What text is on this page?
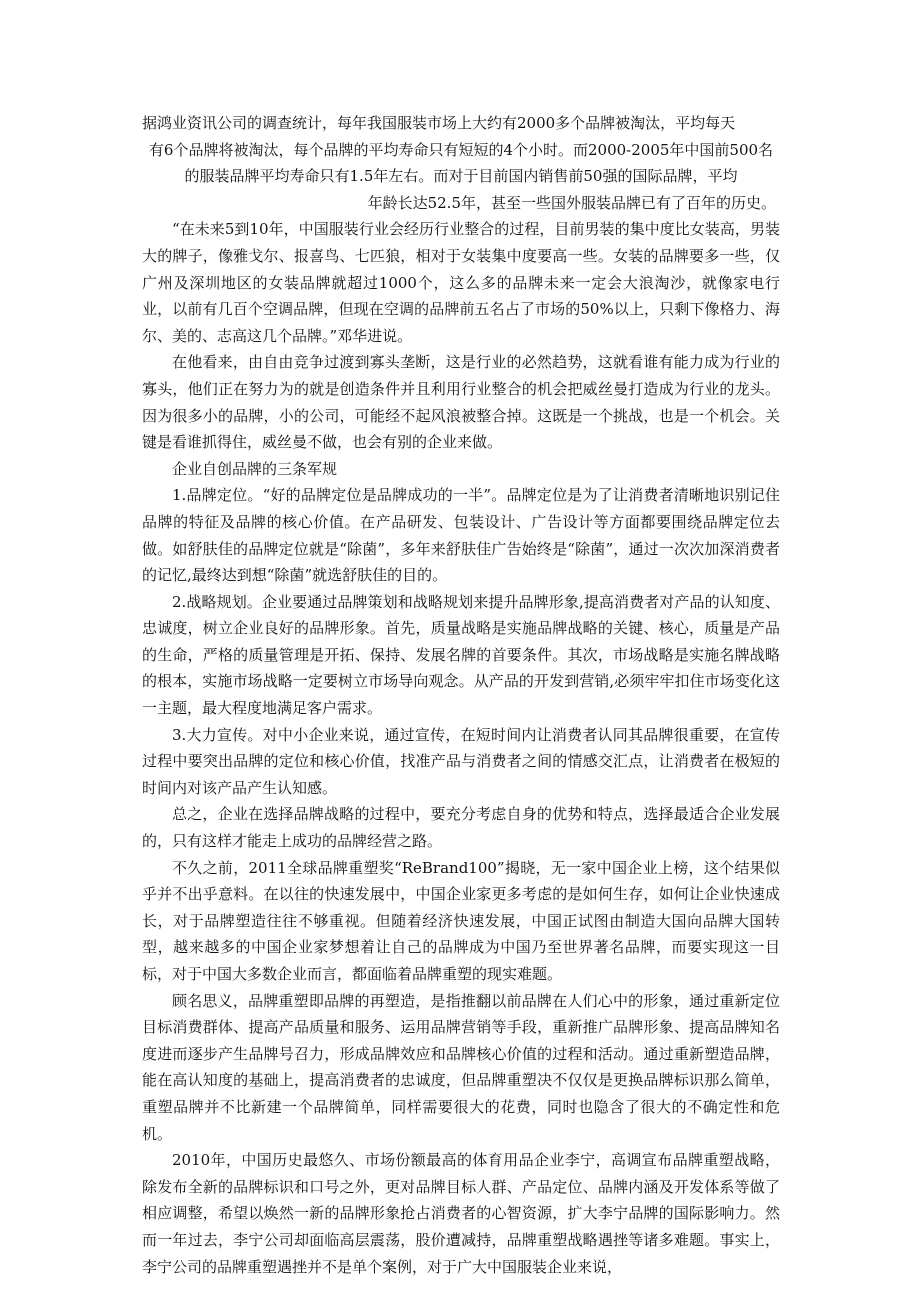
据鸿业资讯公司的调查统计，每年我国服装市场上大约有2000多个品牌被淘汰，平均每天

有6个品牌将被淘汰，每个品牌的平均寿命只有短短的4个小时。而2000-2005年中国前500名的服装品牌平均寿命只有1.5年左右。而对于目前国内销售前50强的国际品牌，平均

年龄长达52.5年，甚至一些国外服装品牌已有了百年的历史。

“在未来5到10年，中国服装行业会经历行业整合的过程，目前男装的集中度比女装高，男装大的牌子，像雅戈尔、报喜鸟、七匹狼，相对于女装集中度要高一些。女装的品牌要多一些，仅广州及深圳地区的女装品牌就超过1000个，这么多的品牌未来一定会大浪淘沙，就像家电行业，以前有几百个空调品牌，但现在空调的品牌前五名占了市场的50%以上，只剩下像格力、海尔、美的、志高这几个品牌。”邓华进说。

在他看来，由自由竞争过渡到寡头垄断，这是行业的必然趋势，这就看谁有能力成为行业的寡头，他们正在努力为的就是创造条件并且利用行业整合的机会把威丝曼打造成为行业的龙头。因为很多小的品牌，小的公司，可能经不起风浪被整合掉。这既是一个挑战，也是一个机会。关键是看谁抓得住，威丝曼不做，也会有别的企业来做。

企业自创品牌的三条军规

1.品牌定位。“好的品牌定位是品牌成功的一半”。品牌定位是为了让消费者清晰地识别记住品牌的特征及品牌的核心价值。在产品研发、包装设计、广告设计等方面都要围绕品牌定位去做。如舒肤佳的品牌定位就是“除菌”，多年来舒肤佳广告始终是“除菌”，通过一次次加深消费者的记忆,最终达到想“除菌”就选舒肤佳的目的。

2.战略规划。企业要通过品牌策划和战略规划来提升品牌形象,提高消费者对产品的认知度、忠诚度，树立企业良好的品牌形象。首先，质量战略是实施品牌战略的关键、核心，质量是产品的生命，严格的质量管理是开拓、保持、发展名牌的首要条件。其次，市场战略是实施名牌战略的根本，实施市场战略一定要树立市场导向观念。从产品的开发到营销,必须牢牢扣住市场变化这一主题，最大程度地满足客户需求。

3.大力宣传。对中小企业来说，通过宣传，在短时间内让消费者认同其品牌很重要，在宣传过程中要突出品牌的定位和核心价值，找准产品与消费者之间的情感交汇点，让消费者在极短的时间内对该产品产生认知感。

总之，企业在选择品牌战略的过程中，要充分考虑自身的优势和特点，选择最适合企业发展的，只有这样才能走上成功的品牌经营之路。

不久之前，2011全球品牌重塑奖“ReBrand100”揭晓，无一家中国企业上榜，这个结果似乎并不出乎意料。在以往的快速发展中，中国企业家更多考虑的是如何生存，如何让企业快速成长，对于品牌塑造往往不够重视。但随着经济快速发展，中国正试图由制造大国向品牌大国转型，越来越多的中国企业家梦想着让自己的品牌成为中国乃至世界著名品牌，而要实现这一目标，对于中国大多数企业而言，都面临着品牌重塑的现实难题。

顾名思义，品牌重塑即品牌的再塑造，是指推翻以前品牌在人们心中的形象，通过重新定位目标消费群体、提高产品质量和服务、运用品牌营销等手段，重新推广品牌形象、提高品牌知名度进而逐步产生品牌号召力，形成品牌效应和品牌核心价值的过程和活动。通过重新塑造品牌，能在高认知度的基础上，提高消费者的忠诚度，但品牌重塑决不仅仅是更换品牌标识那么简单，重塑品牌并不比新建一个品牌简单，同样需要很大的花费，同时也隐含了很大的不确定性和危机。

2010年，中国历史最悠久、市场份额最高的体育用品企业李宁，高调宣布品牌重塑战略，除发布全新的品牌标识和口号之外，更对品牌目标人群、产品定位、品牌内涵及开发体系等做了相应调整，希望以焕然一新的品牌形象抢占消费者的心智资源，扩大李宁品牌的国际影响力。然而一年过去，李宁公司却面临高层震荡，股价遭减持，品牌重塑战略遇挫等诸多难题。事实上，李宁公司的品牌重塑遇挫并不是单个案例，对于广大中国服装企业来说，
